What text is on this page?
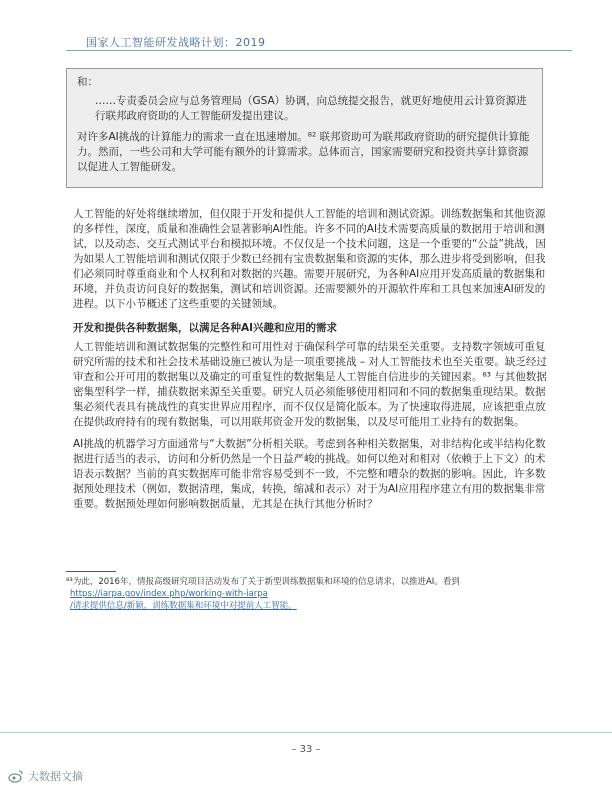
国家人工智能研发战略计划：2019

和：

……专责委员会应与总务管理局（GSA）协调，向总统提交报告，就更好地使用云计算资源进行联邦政府资助的人工智能研发提出建议。

对许多AI挑战的计算能力的需求一直在迅速增加。⁸² 联邦资助可为联邦政府资助的研究提供计算能力。然而，一些公司和大学可能有额外的计算需求。总体而言，国家需要研究和投资共享计算资源以促进人工智能研发。

人工智能的好处将继续增加，但仅限于开发和提供人工智能的培训和测试资源。训练数据集和其他资源的多样性，深度，质量和准确性会显著影响AI性能。许多不同的AI技术需要高质量的数据用于培训和测试，以及动态、交互式测试平台和模拟环境。不仅仅是一个技术问题，这是一个重要的“公益”挑战，因为如果人工智能培训和测试仅限于少数已经拥有宝贵数据集和资源的实体，那么进步将受到影响，但我们必须同时尊重商业和个人权利和对数据的兴趣。需要开展研究，为各种AI应用开发高质量的数据集和环境，并负责访问良好的数据集，测试和培训资源。还需要额外的开源软件库和工具包来加速AI研发的进程。以下小节概述了这些重要的关键领域。

开发和提供各种数据集，以满足各种AI兴趣和应用的需求

人工智能培训和测试数据集的完整性和可用性对于确保科学可靠的结果至关重要。支持数字领域可重复研究所需的技术和社会技术基础设施已被认为是一项重要挑战 – 对人工智能技术也至关重要。缺乏经过审查和公开可用的数据集以及确定的可重复性的数据集是人工智能自信进步的关键因素。⁸³ 与其他数据密集型科学一样，捕获数据来源至关重要。研究人员必须能够使用相同和不同的数据集重现结果。数据集必须代表具有挑战性的真实世界应用程序，而不仅仅是简化版本。为了快速取得进展，应该把重点放在提供政府持有的现有数据集，可以用联邦资金开发的数据集，以及尽可能用工业持有的数据集。

AI挑战的机器学习方面通常与“大数据”分析相关联。考虑到各种相关数据集，对非结构化或半结构化数据进行适当的表示，访问和分析仍然是一个日益严峻的挑战。如何以绝对和相对（依赖于上下文）的术语表示数据？当前的真实数据库可能非常容易受到不一致，不完整和嘈杂的数据的影响。因此，许多数据预处理技术（例如，数据清理，集成，转换，缩减和表示）对于为AI应用程序建立有用的数据集非常重要。数据预处理如何影响数据质量，尤其是在执行其他分析时？

⁸³为此，2016年，情报高级研究项目活动发布了关于新型训练数据集和环境的信息请求，以推进AI。看到

https://iarpa.gov/index.php/working-with-iarpa
/请求提供信息/新颖，训练数据集和环境中对提前人工智能。
– 33 –
大数据文摘
